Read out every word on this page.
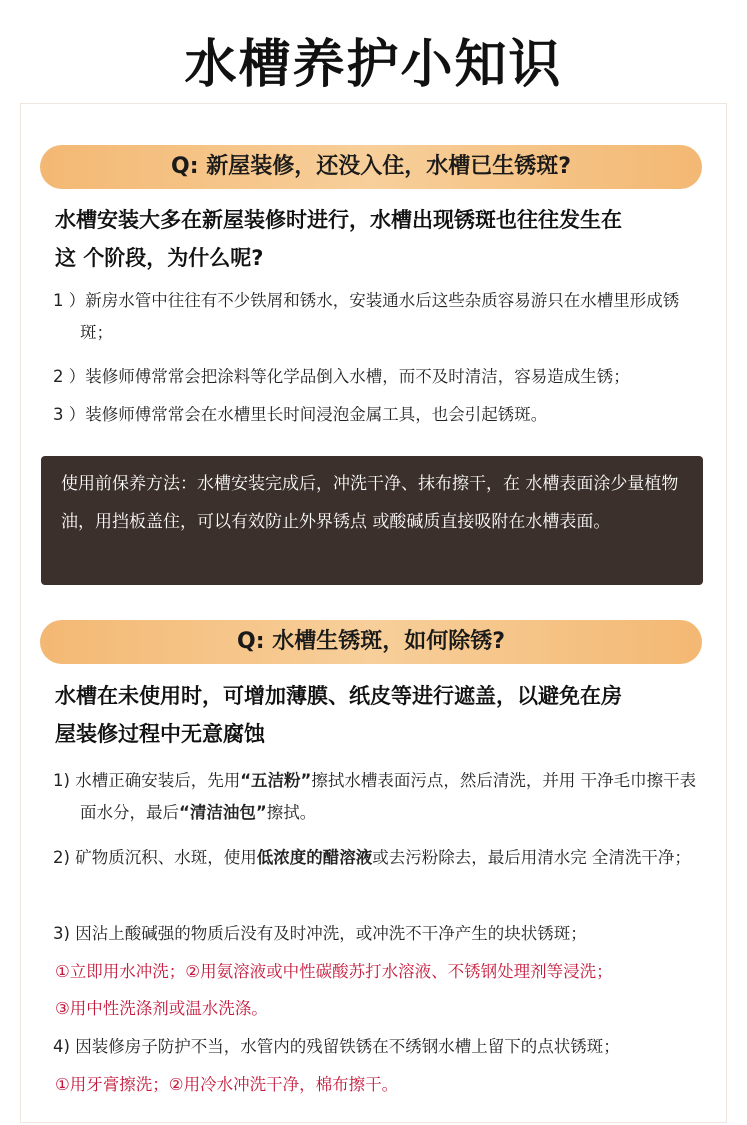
水槽养护小知识
Q: 新屋装修，还没入住，水槽已生锈斑?
水槽安装大多在新屋装修时进行，水槽出现锈斑也往往发生在
这 个阶段，为什么呢?
1 ）新房水管中往往有不少铁屑和锈水，安装通水后这些杂质容易游只在水槽里形成锈斑；
2 ）装修师傅常常会把涂料等化学品倒入水槽，而不及时清洁，容易造成生锈；
3 ）装修师傅常常会在水槽里长时间浸泡金属工具，也会引起锈斑。
使用前保养方法：水槽安装完成后，冲洗干净、抹布擦干，在 水槽表面涂少量植物油，用挡板盖住，可以有效防止外界锈点 或酸碱质直接吸附在水槽表面。
Q: 水槽生锈斑，如何除锈?
水槽在未使用时，可增加薄膜、纸皮等进行遮盖，以避免在房
屋装修过程中无意腐蚀
1) 水槽正确安装后，先用“五洁粉”擦拭水槽表面污点，然后清洗，并用 干净毛巾擦干表面水分，最后“清洁油包”擦拭。
2) 矿物质沉积、水斑，使用低浓度的醋溶液或去污粉除去，最后用清水完 全清洗干净；
3) 因沾上酸碱强的物质后没有及时冲洗，或冲洗不干净产生的块状锈斑；
①立即用水冲洗；②用氨溶液或中性碳酸苏打水溶液、不锈钢处理剂等浸洗；
③用中性洗涤剂或温水洗涤。
4) 因装修房子防护不当，水管内的残留铁锈在不绣钢水槽上留下的点状锈斑；
①用牙膏擦洗；②用冷水冲洗干净，棉布擦干。
